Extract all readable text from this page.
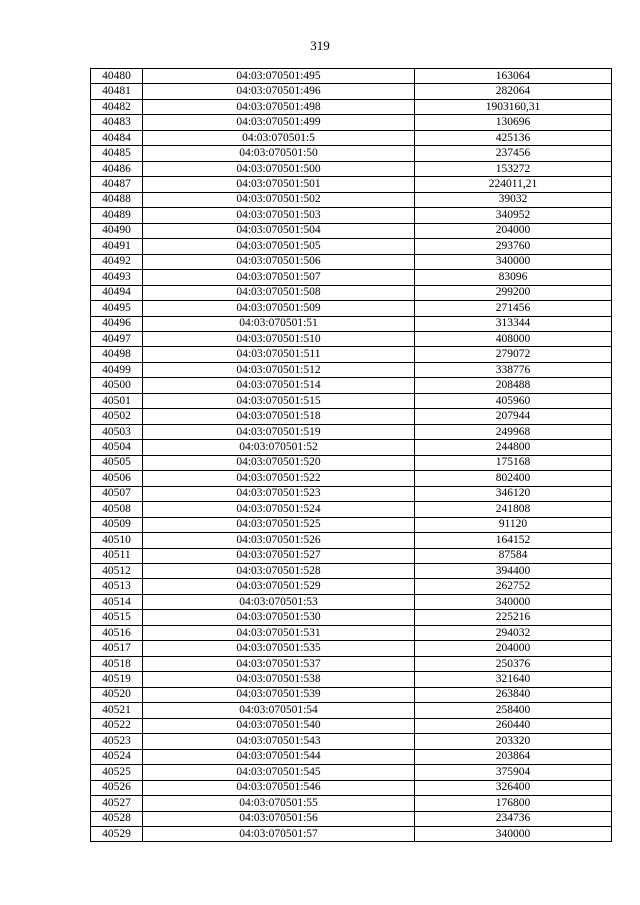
319
40480	04:03:070501:495	163064
40481	04:03:070501:496	282064
40482	04:03:070501:498	1903160,31
40483	04:03:070501:499	130696
40484	04:03:070501:5	425136
40485	04:03:070501:50	237456
40486	04:03:070501:500	153272
40487	04:03:070501:501	224011,21
40488	04:03:070501:502	39032
40489	04:03:070501:503	340952
40490	04:03:070501:504	204000
40491	04:03:070501:505	293760
40492	04:03:070501:506	340000
40493	04:03:070501:507	83096
40494	04:03:070501:508	299200
40495	04:03:070501:509	271456
40496	04:03:070501:51	313344
40497	04:03:070501:510	408000
40498	04:03:070501:511	279072
40499	04:03:070501:512	338776
40500	04:03:070501:514	208488
40501	04:03:070501:515	405960
40502	04:03:070501:518	207944
40503	04:03:070501:519	249968
40504	04:03:070501:52	244800
40505	04:03:070501:520	175168
40506	04:03:070501:522	802400
40507	04:03:070501:523	346120
40508	04:03:070501:524	241808
40509	04:03:070501:525	91120
40510	04:03:070501:526	164152
40511	04:03:070501:527	87584
40512	04:03:070501:528	394400
40513	04:03:070501:529	262752
40514	04:03:070501:53	340000
40515	04:03:070501:530	225216
40516	04:03:070501:531	294032
40517	04:03:070501:535	204000
40518	04:03:070501:537	250376
40519	04:03:070501:538	321640
40520	04:03:070501:539	263840
40521	04:03:070501:54	258400
40522	04:03:070501:540	260440
40523	04:03:070501:543	203320
40524	04:03:070501:544	203864
40525	04:03:070501:545	375904
40526	04:03:070501:546	326400
40527	04:03:070501:55	176800
40528	04:03:070501:56	234736
40529	04:03:070501:57	340000
